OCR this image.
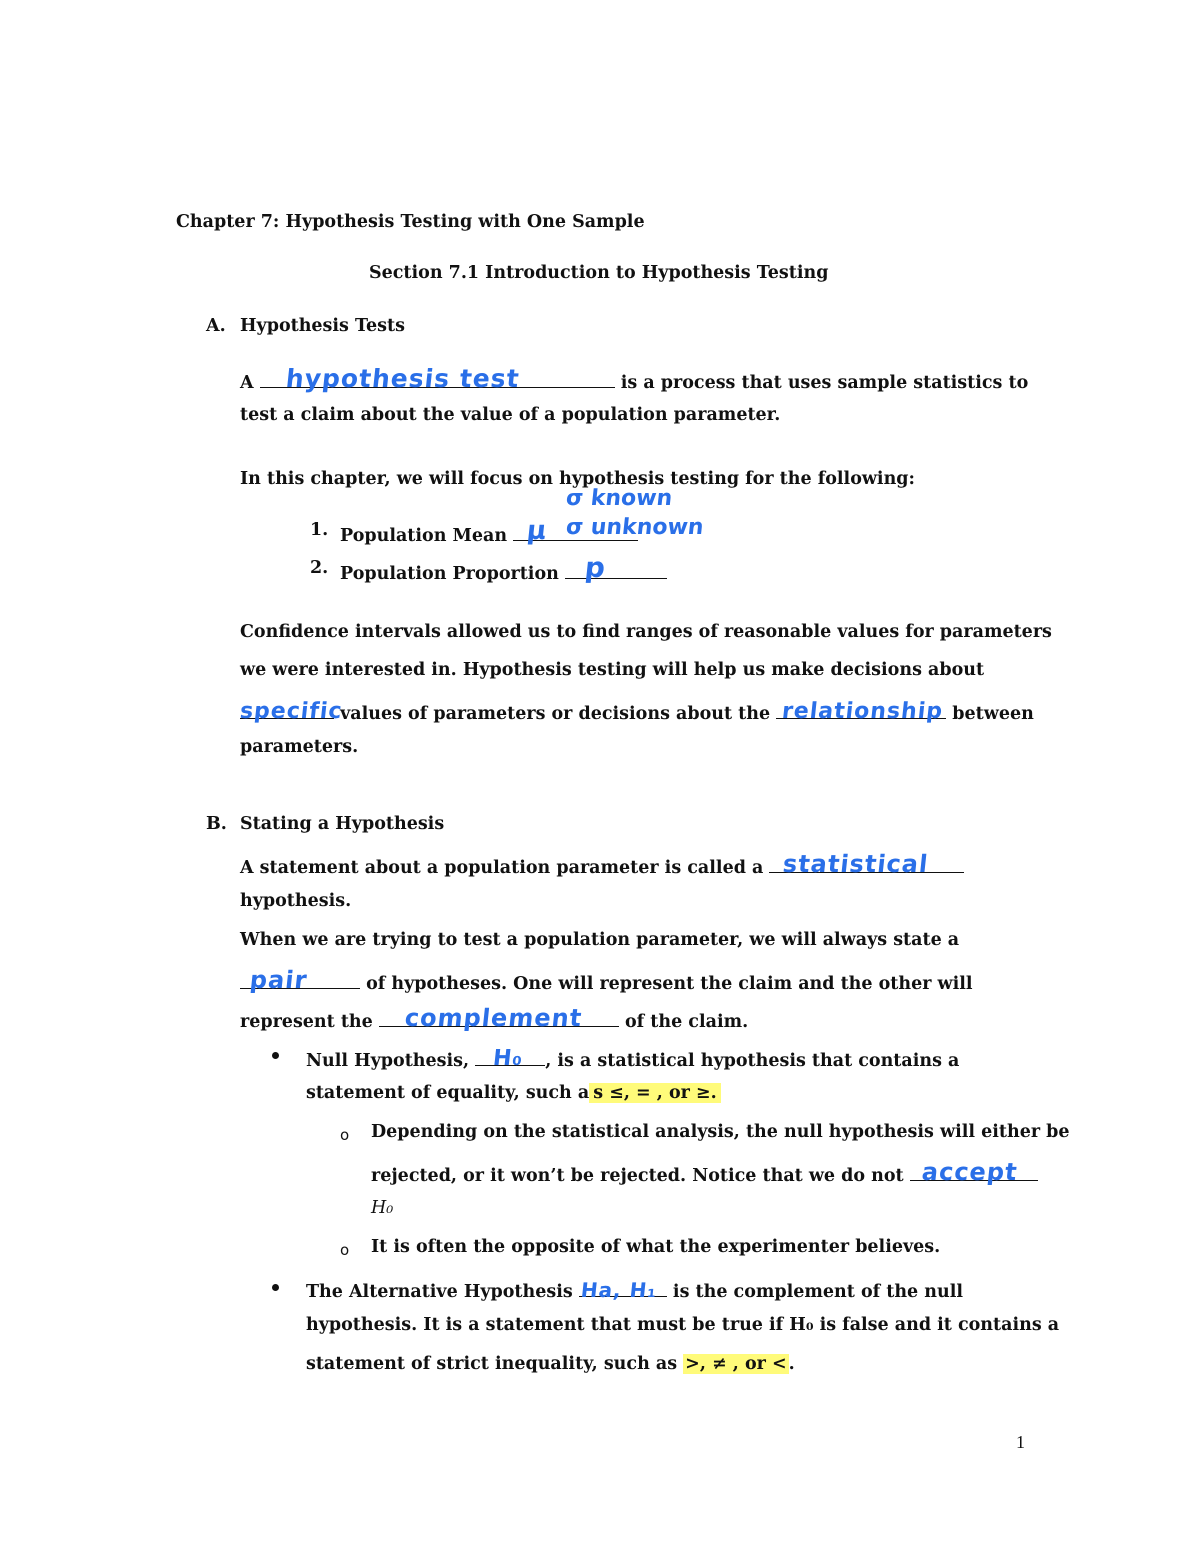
Chapter 7: Hypothesis Testing with One Sample
Section 7.1 Introduction to Hypothesis Testing
A. Hypothesis Tests
A hypothesis test	is a process that uses sample statistics to
test a claim about the value of a population parameter.
In this chapter, we will focus on hypothesis testing for the following:
σ known
1. Population Mean μ σ unknown
2. Population Proportion p
Confidence intervals allowed us to find ranges of reasonable values for parameters
we were interested in. Hypothesis testing will help us make decisions about
specific
values of parameters or decisions about the relationship between
parameters.
B. Stating a Hypothesis
A statement about a population parameter is called a statistical
hypothesis.
When we are trying to test a population parameter, we will always state a
pair	of hypotheses. One will represent the claim and the other will
represent the complement of the claim.
Null Hypothesis, H₀ , is a statistical hypothesis that contains a
statement of equality, such a s ≤, = , or ≥.
o Depending on the statistical analysis, the null hypothesis will either be
rejected, or it won’t be rejected. Notice that we do not accept
H₀
o It is often the opposite of what the experimenter believes.
The Alternative Hypothesis Ha, H₁ is the complement of the null
hypothesis. It is a statement that must be true if H₀ is false and it contains a
statement of strict inequality, such as >, ≠ , or < .
1
